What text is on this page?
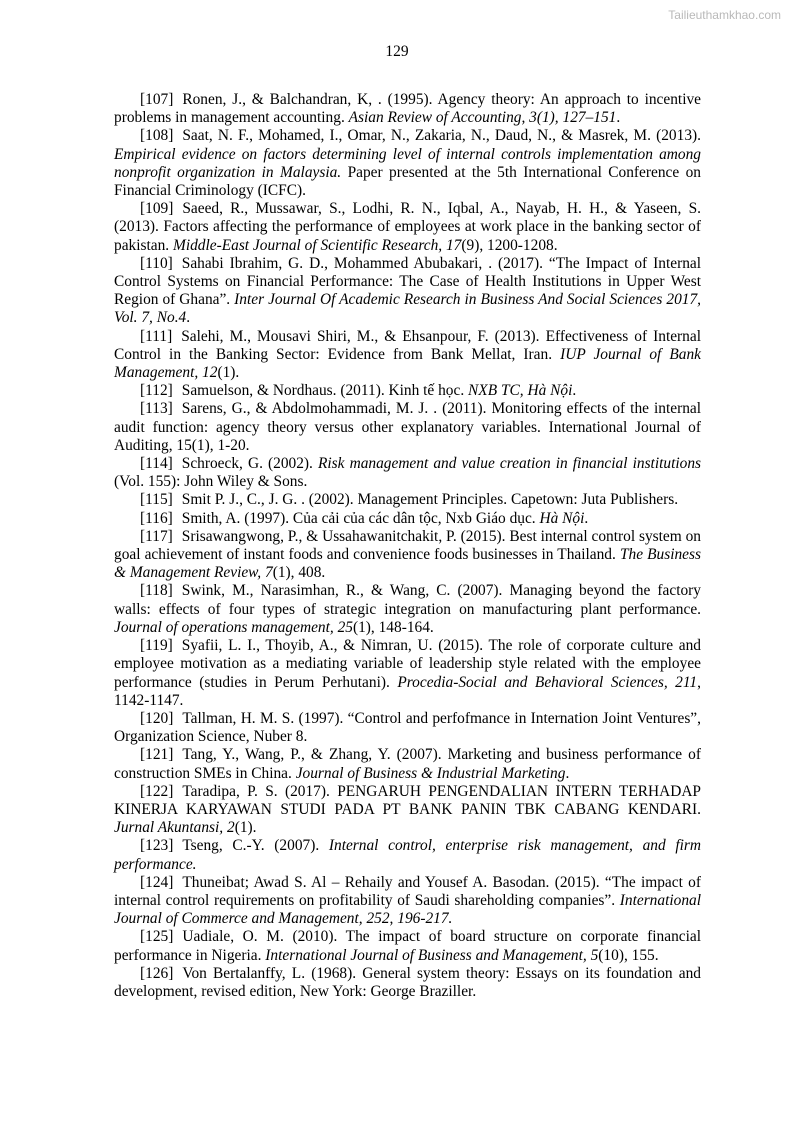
Tailieuthamkhao.com
129

[107] Ronen, J., & Balchandran, K, . (1995). Agency theory: An approach to incentive problems in management accounting. Asian Review of Accounting, 3(1), 127–151.

[108] Saat, N. F., Mohamed, I., Omar, N., Zakaria, N., Daud, N., & Masrek, M. (2013). Empirical evidence on factors determining level of internal controls implementation among nonprofit organization in Malaysia. Paper presented at the 5th International Conference on Financial Criminology (ICFC).

[109] Saeed, R., Mussawar, S., Lodhi, R. N., Iqbal, A., Nayab, H. H., & Yaseen, S. (2013). Factors affecting the performance of employees at work place in the banking sector of pakistan. Middle-East Journal of Scientific Research, 17(9), 1200-1208.

[110] Sahabi Ibrahim, G. D., Mohammed Abubakari, . (2017). “The Impact of Internal Control Systems on Financial Performance: The Case of Health Institutions in Upper West Region of Ghana”. Inter Journal Of Academic Research in Business And Social Sciences 2017, Vol. 7, No.4.

[111] Salehi, M., Mousavi Shiri, M., & Ehsanpour, F. (2013). Effectiveness of Internal Control in the Banking Sector: Evidence from Bank Mellat, Iran. IUP Journal of Bank Management, 12(1).

[112] Samuelson, & Nordhaus. (2011). Kinh tế học. NXB TC, Hà Nội.

[113] Sarens, G., & Abdolmohammadi, M. J. . (2011). Monitoring effects of the internal audit function: agency theory versus other explanatory variables. International Journal of Auditing, 15(1), 1-20.

[114] Schroeck, G. (2002). Risk management and value creation in financial institutions (Vol. 155): John Wiley & Sons.

[115] Smit P. J., C., J. G. . (2002). Management Principles. Capetown: Juta Publishers.

[116] Smith, A. (1997). Của cải của các dân tộc, Nxb Giáo dục. Hà Nội.

[117] Srisawangwong, P., & Ussahawanitchakit, P. (2015). Best internal control system on goal achievement of instant foods and convenience foods businesses in Thailand. The Business & Management Review, 7(1), 408.

[118] Swink, M., Narasimhan, R., & Wang, C. (2007). Managing beyond the factory walls: effects of four types of strategic integration on manufacturing plant performance. Journal of operations management, 25(1), 148-164.

[119] Syafii, L. I., Thoyib, A., & Nimran, U. (2015). The role of corporate culture and employee motivation as a mediating variable of leadership style related with the employee performance (studies in Perum Perhutani). Procedia-Social and Behavioral Sciences, 211, 1142-1147.

[120] Tallman, H. M. S. (1997). “Control and perfofmance in Internation Joint Ventures”, Organization Science, Nuber 8.

[121] Tang, Y., Wang, P., & Zhang, Y. (2007). Marketing and business performance of construction SMEs in China. Journal of Business & Industrial Marketing.

[122] Taradipa, P. S. (2017). PENGARUH PENGENDALIAN INTERN TERHADAP KINERJA KARYAWAN STUDI PADA PT BANK PANIN TBK CABANG KENDARI. Jurnal Akuntansi, 2(1).

[123] Tseng, C.-Y. (2007). Internal control, enterprise risk management, and firm performance.

[124] Thuneibat; Awad S. Al – Rehaily and Yousef A. Basodan. (2015). “The impact of internal control requirements on profitability of Saudi shareholding companies”. International Journal of Commerce and Management, 252, 196-217.

[125] Uadiale, O. M. (2010). The impact of board structure on corporate financial performance in Nigeria. International Journal of Business and Management, 5(10), 155.

[126] Von Bertalanffy, L. (1968). General system theory: Essays on its foundation and development, revised edition, New York: George Braziller.
